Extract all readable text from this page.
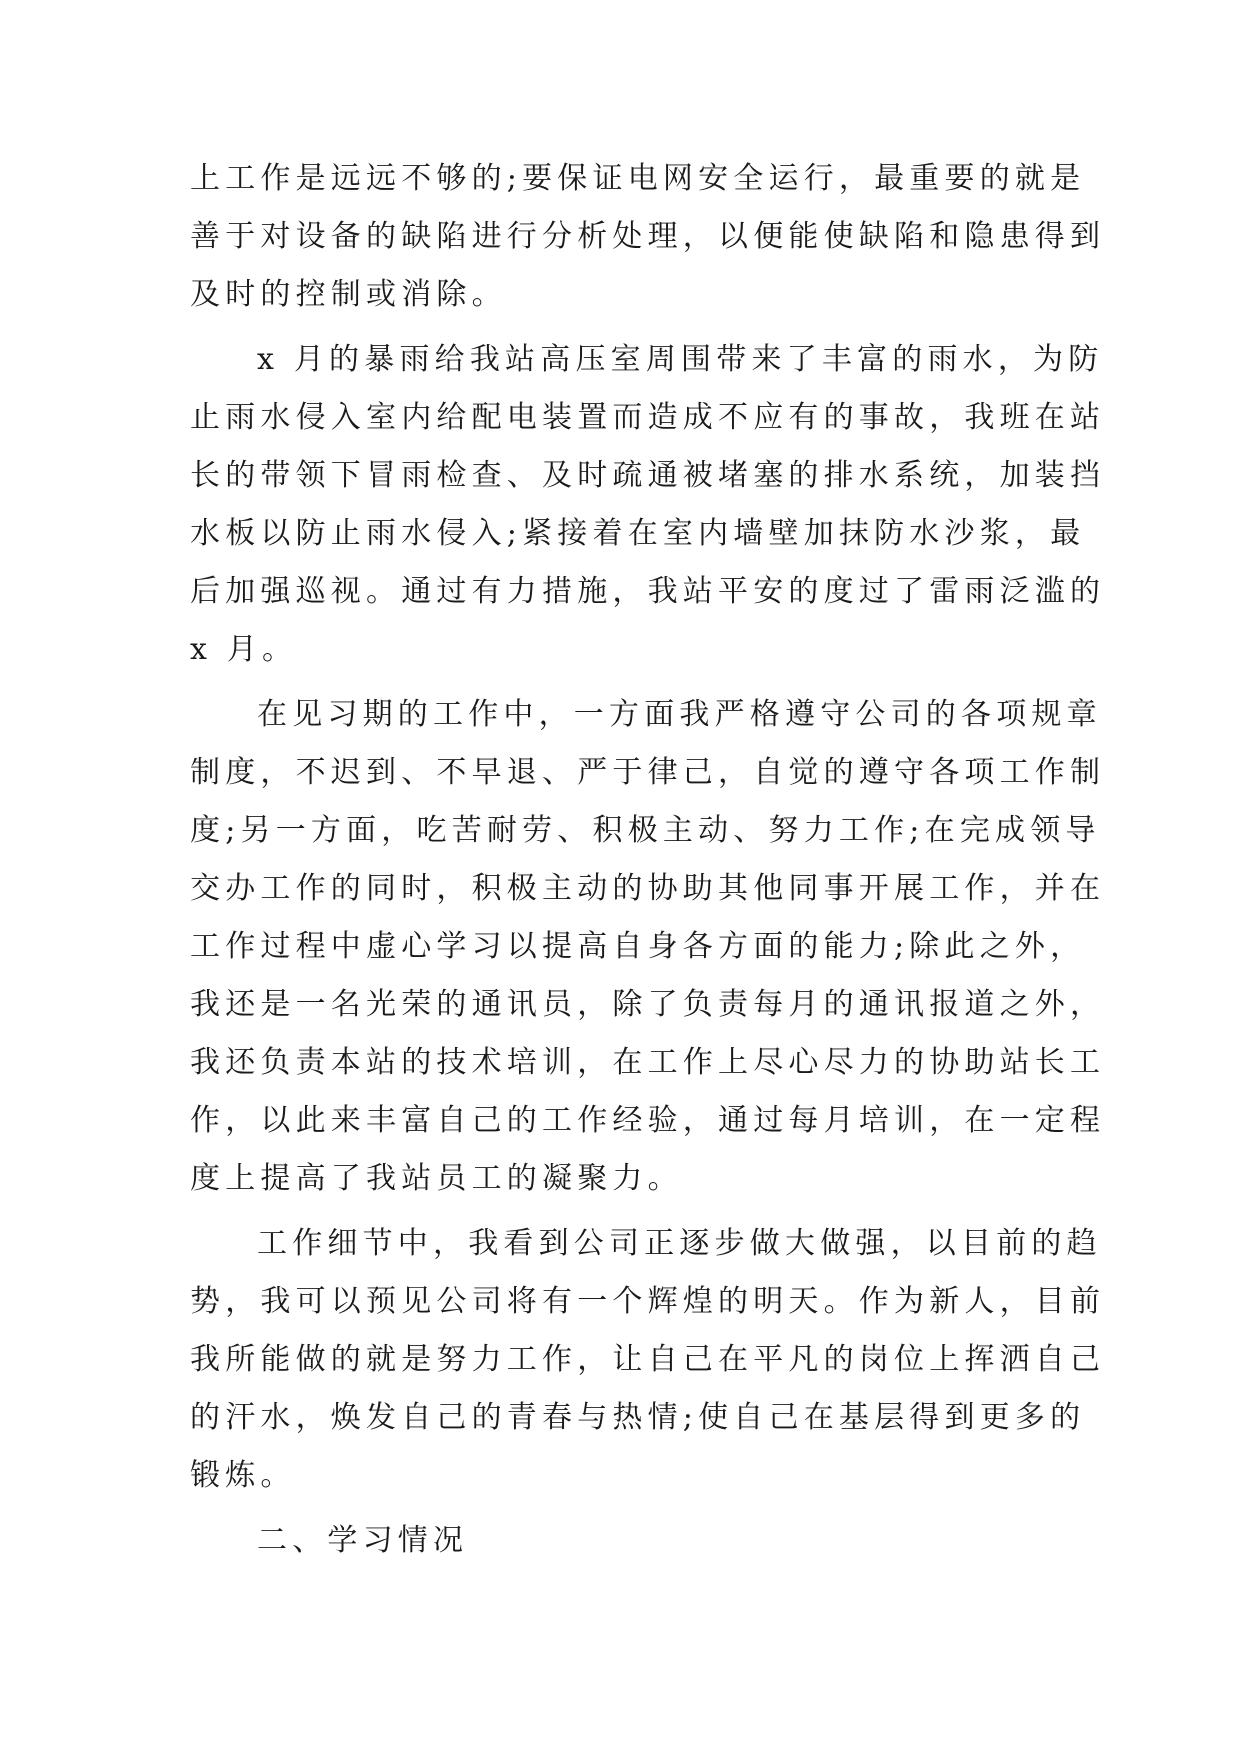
上工作是远远不够的;要保证电网安全运行，最重要的就是
善于对设备的缺陷进行分析处理，以便能使缺陷和隐患得到
及时的控制或消除。
x 月的暴雨给我站高压室周围带来了丰富的雨水，为防
止雨水侵入室内给配电装置而造成不应有的事故，我班在站
长的带领下冒雨检查、及时疏通被堵塞的排水系统，加装挡
水板以防止雨水侵入;紧接着在室内墙壁加抹防水沙浆，最
后加强巡视。通过有力措施，我站平安的度过了雷雨泛滥的
x 月。
在见习期的工作中，一方面我严格遵守公司的各项规章
制度，不迟到、不早退、严于律己，自觉的遵守各项工作制
度;另一方面，吃苦耐劳、积极主动、努力工作;在完成领导
交办工作的同时，积极主动的协助其他同事开展工作，并在
工作过程中虚心学习以提高自身各方面的能力;除此之外，
我还是一名光荣的通讯员，除了负责每月的通讯报道之外，
我还负责本站的技术培训，在工作上尽心尽力的协助站长工
作，以此来丰富自己的工作经验，通过每月培训，在一定程
度上提高了我站员工的凝聚力。
工作细节中，我看到公司正逐步做大做强，以目前的趋
势，我可以预见公司将有一个辉煌的明天。作为新人，目前
我所能做的就是努力工作，让自己在平凡的岗位上挥洒自己
的汗水，焕发自己的青春与热情;使自己在基层得到更多的
锻炼。
二、学习情况
